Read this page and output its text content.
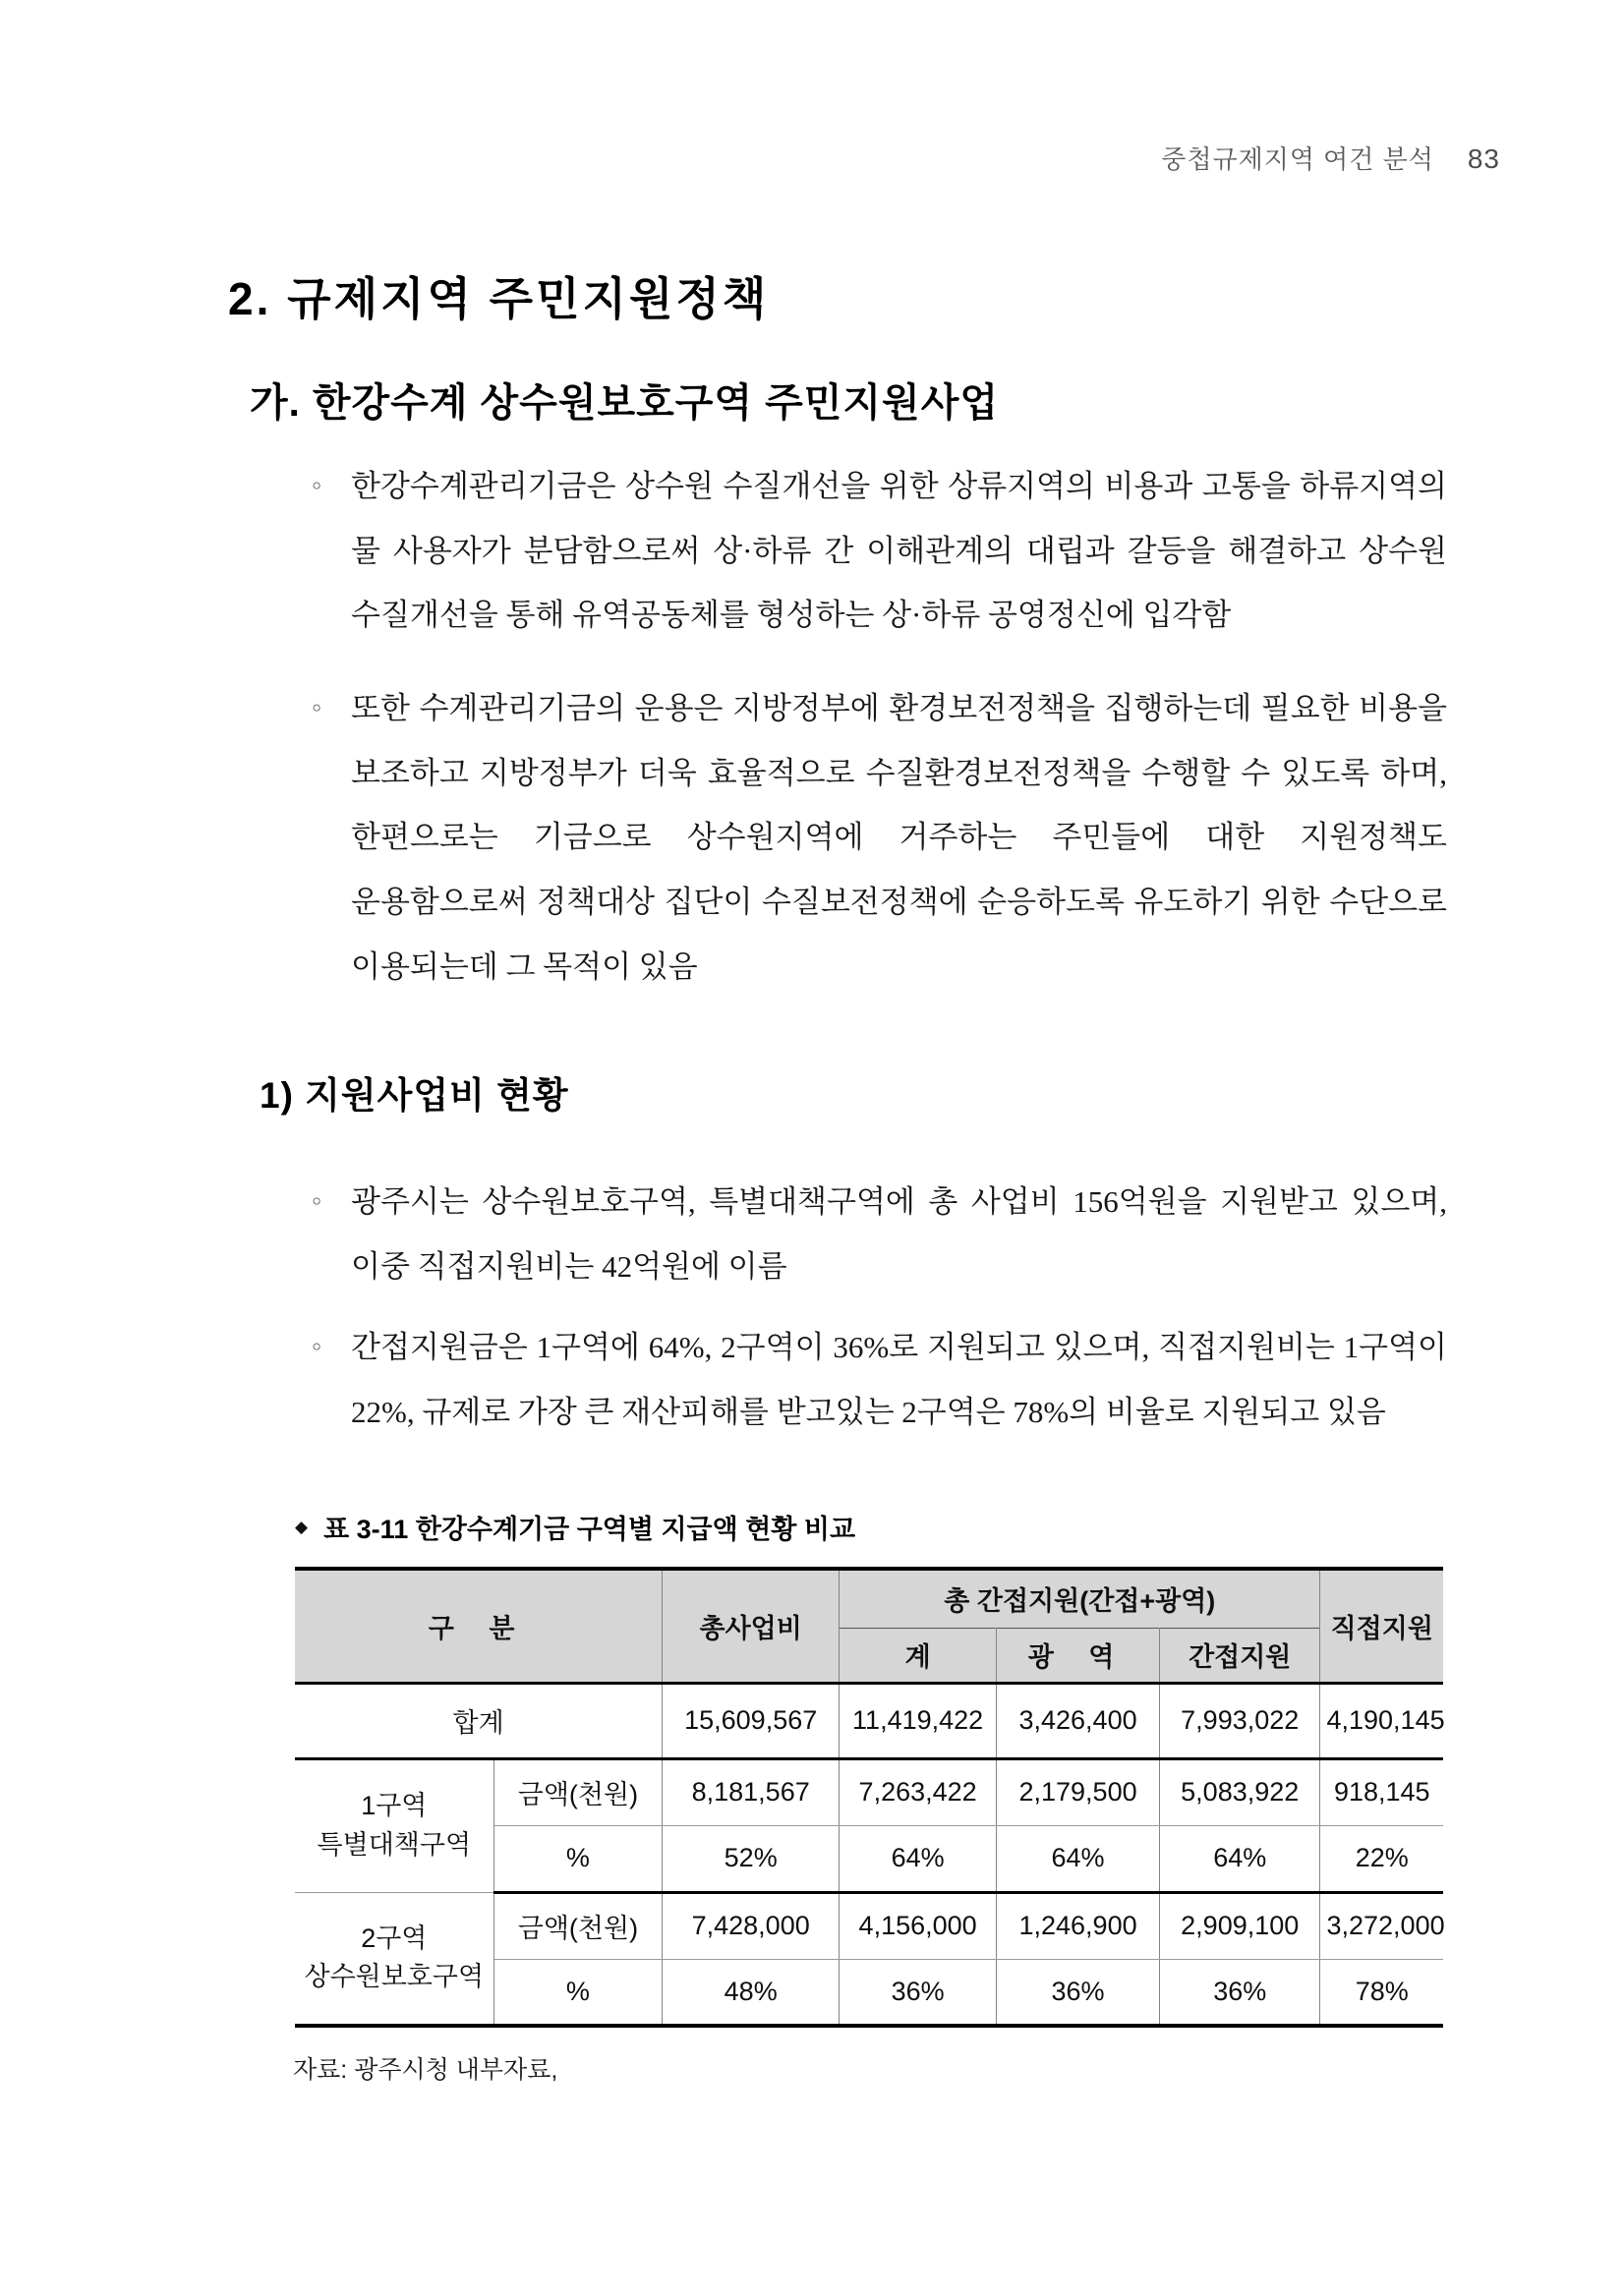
중첩규제지역 여건 분석 83
2. 규제지역 주민지원정책
가. 한강수계 상수원보호구역 주민지원사업

◦ 한강수계관리기금은 상수원 수질개선을 위한 상류지역의 비용과 고통을 하류지역의 물 사용자가 분담함으로써 상·하류 간 이해관계의 대립과 갈등을 해결하고 상수원 수질개선을 통해 유역공동체를 형성하는 상·하류 공영정신에 입각함

◦ 또한 수계관리기금의 운용은 지방정부에 환경보전정책을 집행하는데 필요한 비용을 보조하고 지방정부가 더욱 효율적으로 수질환경보전정책을 수행할 수 있도록 하며, 한편으로는 기금으로 상수원지역에 거주하는 주민들에 대한 지원정책도 운용함으로써 정책대상 집단이 수질보전정책에 순응하도록 유도하기 위한 수단으로 이용되는데 그 목적이 있음

1) 지원사업비 현황

◦ 광주시는 상수원보호구역, 특별대책구역에 총 사업비 156억원을 지원받고 있으며, 이중 직접지원비는 42억원에 이름

◦ 간접지원금은 1구역에 64%, 2구역이 36%로 지원되고 있으며, 직접지원비는 1구역이 22%, 규제로 가장 큰 재산피해를 받고있는 2구역은 78%의 비율로 지원되고 있음

◆ 표 3-11 한강수계기금 구역별 지급액 현황 비교
구 분		총사업비	총 간접지원(간접+광역)			직접지원
			계	광 역	간접지원	
합계		15,609,567	11,419,422	3,426,400	7,993,022	4,190,145

1구역
특별대책구역	금액(천원)	8,181,567	7,263,422	2,179,500	5,083,922	918,145
	%	52%	64%	64%	64%	22%

2구역
상수원보호구역	금액(천원)	7,428,000	4,156,000	1,246,900	2,909,100	3,272,000
	%	48%	36%	36%	36%	78%
자료: 광주시청 내부자료,
